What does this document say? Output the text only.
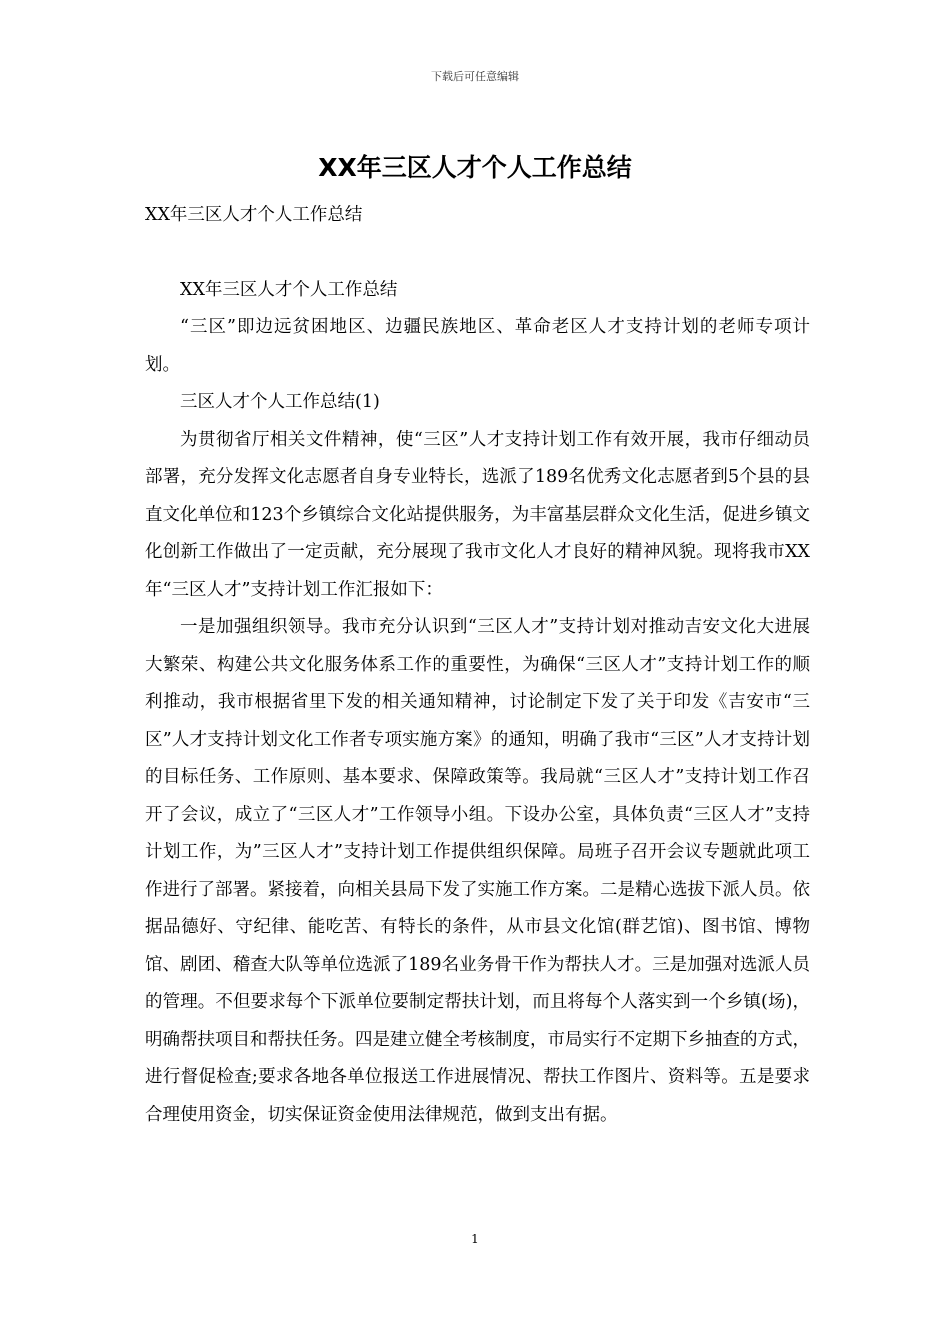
下载后可任意编辑
XX年三区人才个人工作总结

XX年三区人才个人工作总结

XX年三区人才个人工作总结

“三区”即边远贫困地区、边疆民族地区、革命老区人才支持计划的老师专项计划。

三区人才个人工作总结(1)

为贯彻省厅相关文件精神，使“三区”人才支持计划工作有效开展，我市仔细动员部署，充分发挥文化志愿者自身专业特长，选派了189名优秀文化志愿者到5个县的县直文化单位和123个乡镇综合文化站提供服务，为丰富基层群众文化生活，促进乡镇文化创新工作做出了一定贡献，充分展现了我市文化人才良好的精神风貌。现将我市XX年“三区人才”支持计划工作汇报如下：

一是加强组织领导。我市充分认识到“三区人才”支持计划对推动吉安文化大进展大繁荣、构建公共文化服务体系工作的重要性，为确保“三区人才”支持计划工作的顺利推动，我市根据省里下发的相关通知精神，讨论制定下发了关于印发《吉安市“三区”人才支持计划文化工作者专项实施方案》的通知，明确了我市“三区”人才支持计划的目标任务、工作原则、基本要求、保障政策等。我局就“三区人才”支持计划工作召开了会议，成立了“三区人才”工作领导小组。下设办公室，具体负责“三区人才”支持计划工作，为”三区人才”支持计划工作提供组织保障。局班子召开会议专题就此项工作进行了部署。紧接着，向相关县局下发了实施工作方案。二是精心选拔下派人员。依据品德好、守纪律、能吃苦、有特长的条件，从市县文化馆(群艺馆)、图书馆、博物馆、剧团、稽查大队等单位选派了189名业务骨干作为帮扶人才。三是加强对选派人员的管理。不但要求每个下派单位要制定帮扶计划，而且将每个人落实到一个乡镇(场)，明确帮扶项目和帮扶任务。四是建立健全考核制度，市局实行不定期下乡抽查的方式，进行督促检查;要求各地各单位报送工作进展情况、帮扶工作图片、资料等。五是要求合理使用资金，切实保证资金使用法律规范，做到支出有据。

1
